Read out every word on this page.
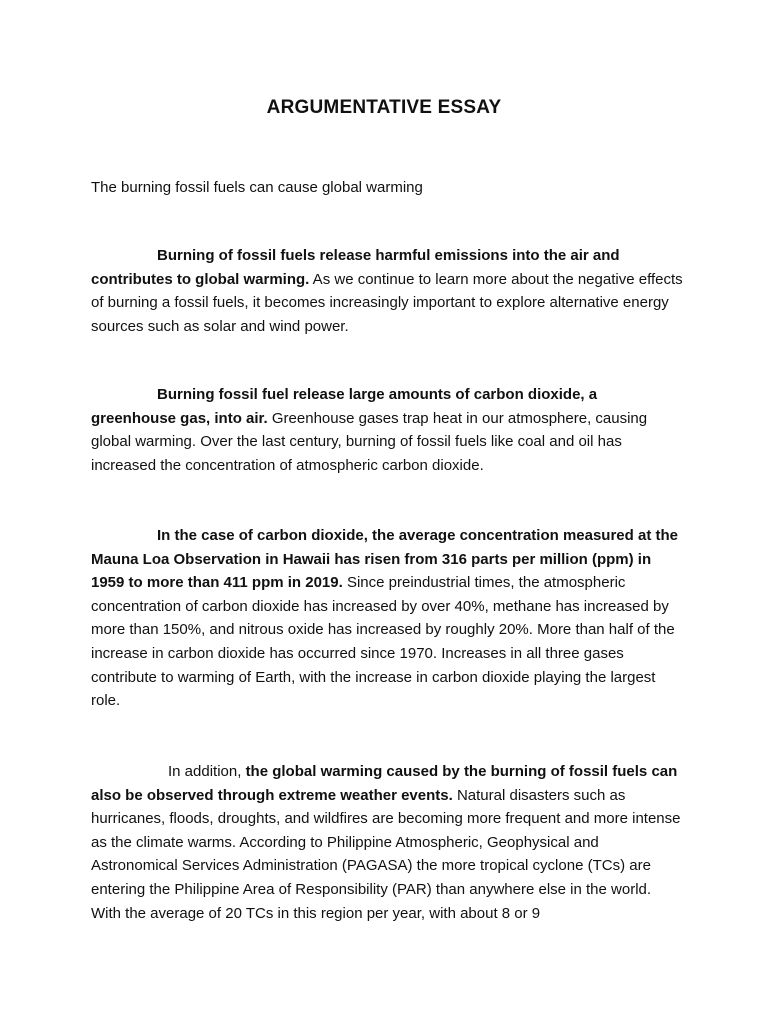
ARGUMENTATIVE ESSAY
The burning fossil fuels can cause global warming

Burning of fossil fuels release harmful emissions into the air and contributes to global warming. As we continue to learn more about the negative effects of burning a fossil fuels, it becomes increasingly important to explore alternative energy sources such as solar and wind power.

Burning fossil fuel release large amounts of carbon dioxide, a greenhouse gas, into air. Greenhouse gases trap heat in our atmosphere, causing global warming. Over the last century, burning of fossil fuels like coal and oil has increased the concentration of atmospheric carbon dioxide.

In the case of carbon dioxide, the average concentration measured at the Mauna Loa Observation in Hawaii has risen from 316 parts per million (ppm) in 1959 to more than 411 ppm in 2019. Since preindustrial times, the atmospheric concentration of carbon dioxide has increased by over 40%, methane has increased by more than 150%, and nitrous oxide has increased by roughly 20%. More than half of the increase in carbon dioxide has occurred since 1970. Increases in all three gases contribute to warming of Earth, with the increase in carbon dioxide playing the largest role.

In addition, the global warming caused by the burning of fossil fuels can also be observed through extreme weather events. Natural disasters such as hurricanes, floods, droughts, and wildfires are becoming more frequent and more intense as the climate warms. According to Philippine Atmospheric, Geophysical and Astronomical Services Administration (PAGASA) the more tropical cyclone (TCs) are entering the Philippine Area of Responsibility (PAR) than anywhere else in the world. With the average of 20 TCs in this region per year, with about 8 or 9
